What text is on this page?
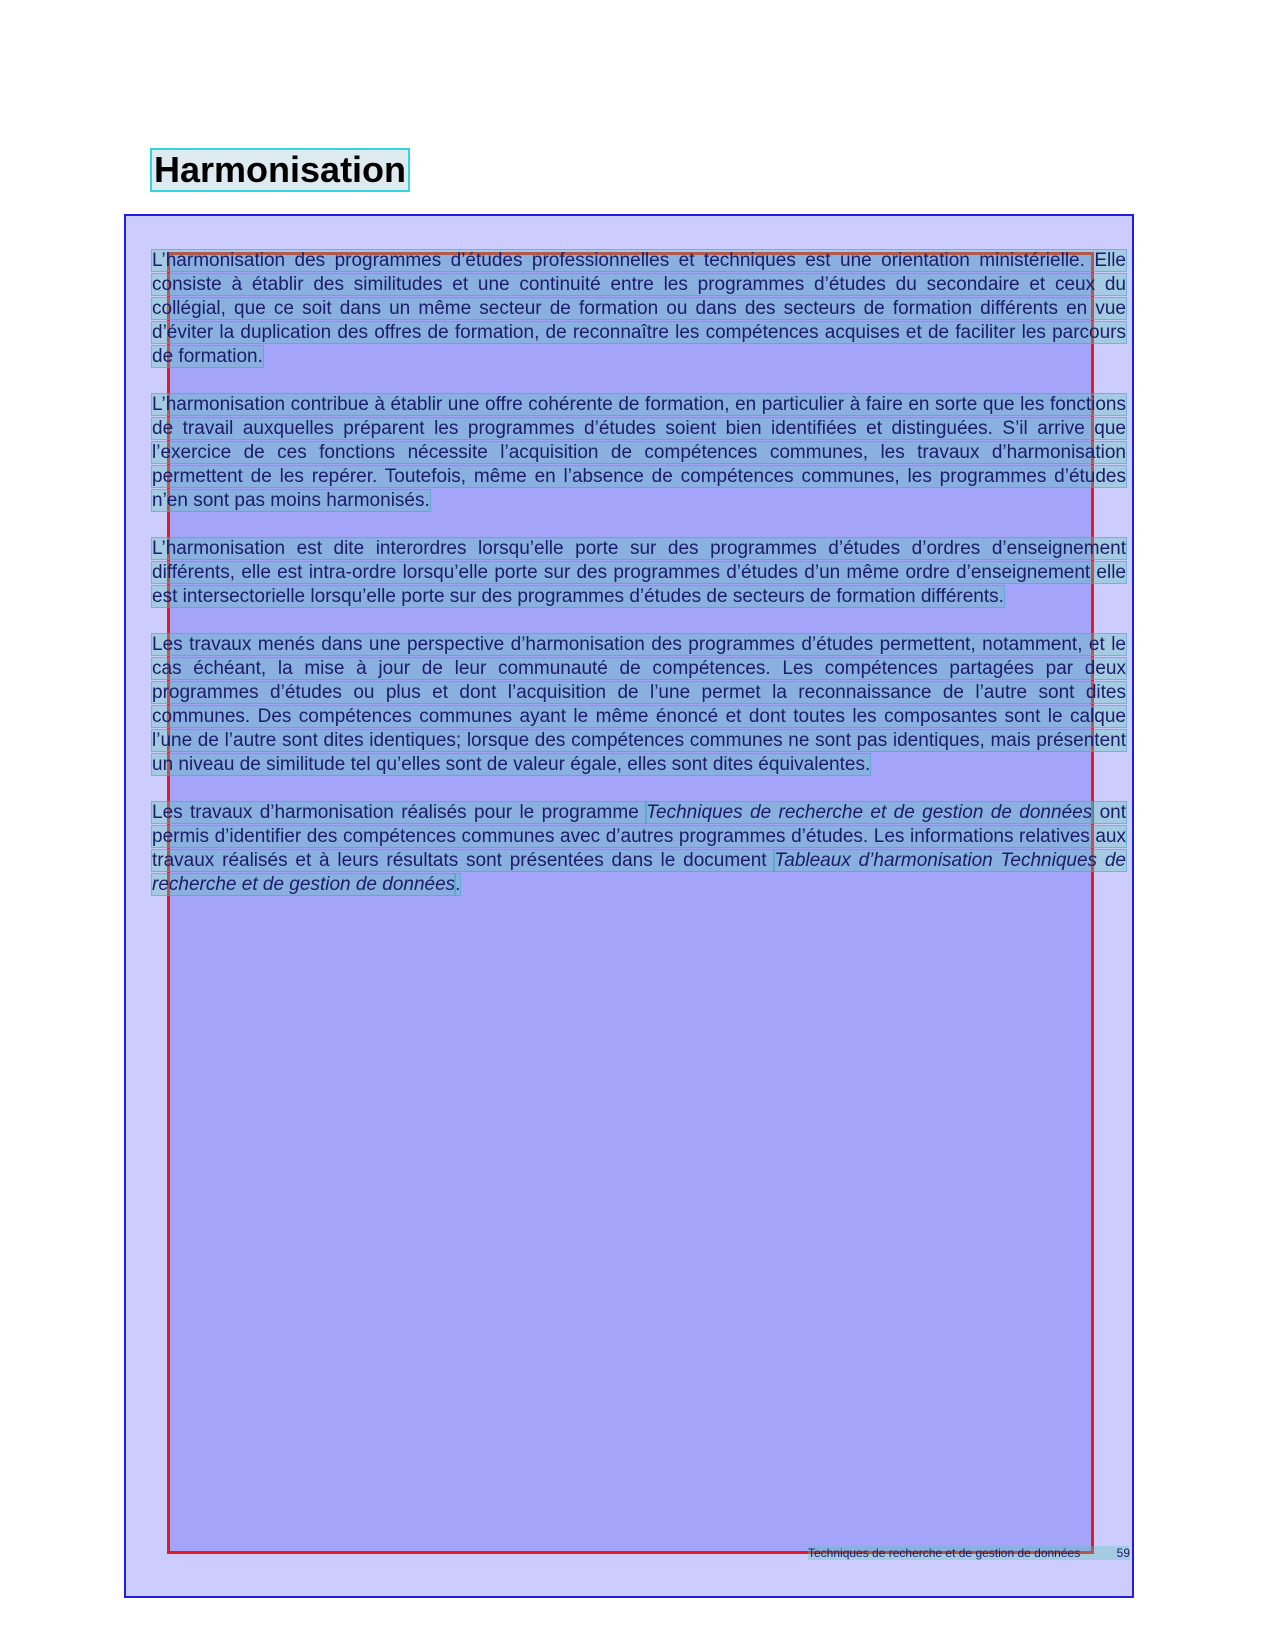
Harmonisation

L’harmonisation des programmes d’études professionnelles et techniques est une orientation ministérielle. Elle consiste à établir des similitudes et une continuité entre les programmes d’études du secondaire et ceux du collégial, que ce soit dans un même secteur de formation ou dans des secteurs de formation différents en vue d’éviter la duplication des offres de formation, de reconnaître les compétences acquises et de faciliter les parcours de formation.

L’harmonisation contribue à établir une offre cohérente de formation, en particulier à faire en sorte que les fonctions de travail auxquelles préparent les programmes d’études soient bien identifiées et distinguées. S’il arrive que l’exercice de ces fonctions nécessite l’acquisition de compétences communes, les travaux d’harmonisation permettent de les repérer. Toutefois, même en l’absence de compétences communes, les programmes d’études n’en sont pas moins harmonisés.

L’harmonisation est dite interordres lorsqu’elle porte sur des programmes d’études d’ordres d’enseignement différents, elle est intra-ordre lorsqu’elle porte sur des programmes d’études d’un même ordre d’enseignement elle est intersectorielle lorsqu’elle porte sur des programmes d’études de secteurs de formation différents.

Les travaux menés dans une perspective d’harmonisation des programmes d’études permettent, notamment, et le cas échéant, la mise à jour de leur communauté de compétences. Les compétences partagées par deux programmes d’études ou plus et dont l’acquisition de l’une permet la reconnaissance de l’autre sont dites communes. Des compétences communes ayant le même énoncé et dont toutes les composantes sont le calque l’une de l’autre sont dites identiques; lorsque des compétences communes ne sont pas identiques, mais présentent un niveau de similitude tel qu’elles sont de valeur égale, elles sont dites équivalentes.

Les travaux d’harmonisation réalisés pour le programme Techniques de recherche et de gestion de données ont permis d’identifier des compétences communes avec d’autres programmes d’études. Les informations relatives aux travaux réalisés et à leurs résultats sont présentées dans le document Tableaux d’harmonisation Techniques de recherche et de gestion de données.

Techniques de recherche et de gestion de données	59
